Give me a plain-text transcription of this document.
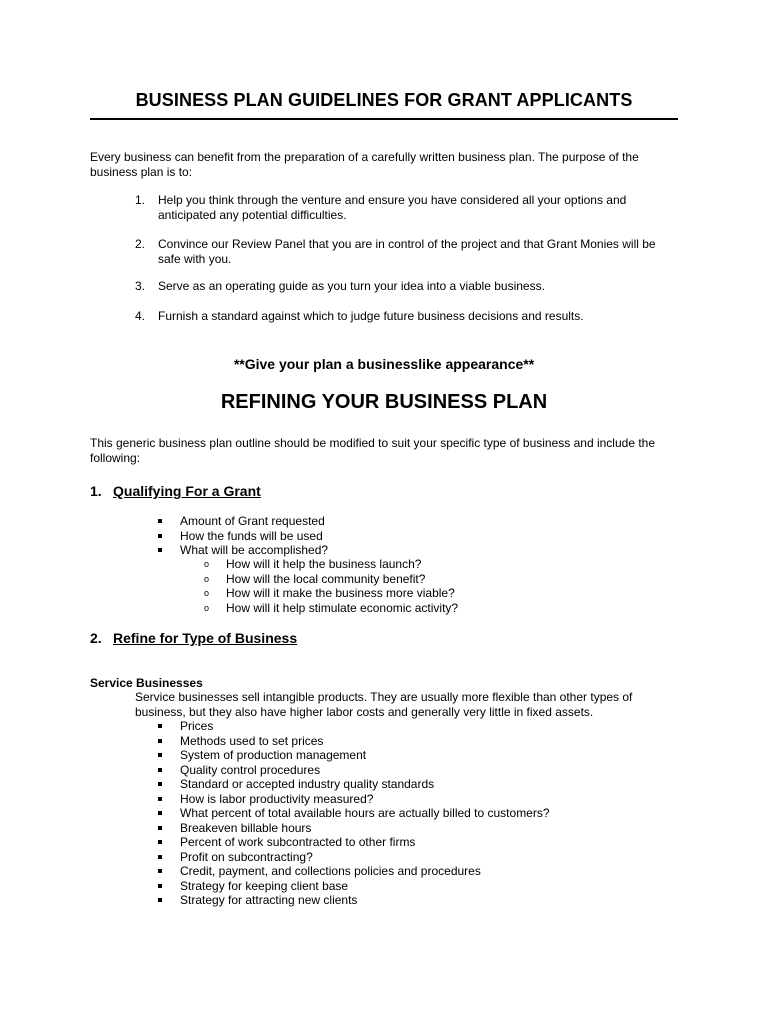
BUSINESS PLAN GUIDELINES FOR GRANT APPLICANTS

Every business can benefit from the preparation of a carefully written business plan. The purpose of the business plan is to:

1. Help you think through the venture and ensure you have considered all your options and anticipated any potential difficulties.
2. Convince our Review Panel that you are in control of the project and that Grant Monies will be safe with you.
3. Serve as an operating guide as you turn your idea into a viable business.
4. Furnish a standard against which to judge future business decisions and results.

**Give your plan a businesslike appearance**

REFINING YOUR BUSINESS PLAN

This generic business plan outline should be modified to suit your specific type of business and include the following:

1. Qualifying For a Grant
Amount of Grant requested
How the funds will be used
What will be accomplished?
o How will it help the business launch?
o How will the local community benefit?
o How will it make the business more viable?
o How will it help stimulate economic activity?
2. Refine for Type of Business
Service Businesses

Service businesses sell intangible products. They are usually more flexible than other types of business, but they also have higher labor costs and generally very little in fixed assets.

Prices
Methods used to set prices
System of production management
Quality control procedures
Standard or accepted industry quality standards
How is labor productivity measured?
What percent of total available hours are actually billed to customers?
Breakeven billable hours
Percent of work subcontracted to other firms
Profit on subcontracting?
Credit, payment, and collections policies and procedures
Strategy for keeping client base
Strategy for attracting new clients
